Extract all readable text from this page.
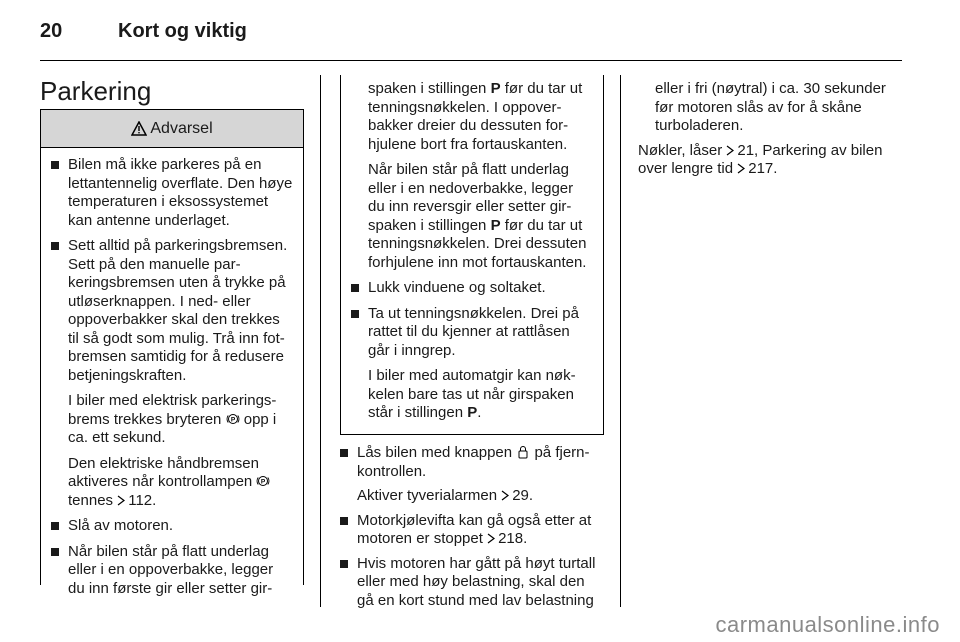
20	Kort og viktig
Parkering
Advarsel

Bilen må ikke parkeres på en lettantennelig overflate. Den høye temperaturen i eksossystemet kan antenne underlaget.

Sett alltid på parkeringsbremsen. Sett på den manuelle parkeringsbremsen uten å trykke på utløserknappen. I ned- eller oppoverbakker skal den trekkes til så godt som mulig. Trå inn fotbremsen samtidig for å redusere betjeningskraften.

I biler med elektrisk parkeringsbrems trekkes bryteren P opp i ca. ett sekund.

Den elektriske håndbremsen aktiveres når kontrollampen P
tennes 112.

Slå av motoren.

Når bilen står på flatt underlag eller i en oppoverbakke, legger du inn første gir eller setter gir-

spaken i stillingen P før du tar ut tenningsnøkkelen. I oppoverbakker dreier du dessuten forhjulene bort fra fortauskanten.

Når bilen står på flatt underlag eller i en nedoverbakke, legger du inn reversgir eller setter girspaken i stillingen P før du tar ut tenningsnøkkelen. Drei dessuten forhjulene inn mot fortauskanten.

Lukk vinduene og soltaket.

Ta ut tenningsnøkkelen. Drei på rattet til du kjenner at rattlåsen går i inngrep.

I biler med automatgir kan nøkkelen bare tas ut når girspaken står i stillingen P.

Lås bilen med knappen på fjernkontrollen.

Aktiver tyverialarmen 29.

Motorkjølevifta kan gå også etter at motoren er stoppet 218.

Hvis motoren har gått på høyt turtall eller med høy belastning, skal den gå en kort stund med lav belastning

eller i fri (nøytral) i ca. 30 sekunder før motoren slås av for å skåne turboladeren.

Nøkler, låser 21, Parkering av bilen over lengre tid 217.

carmanualsonline.info
